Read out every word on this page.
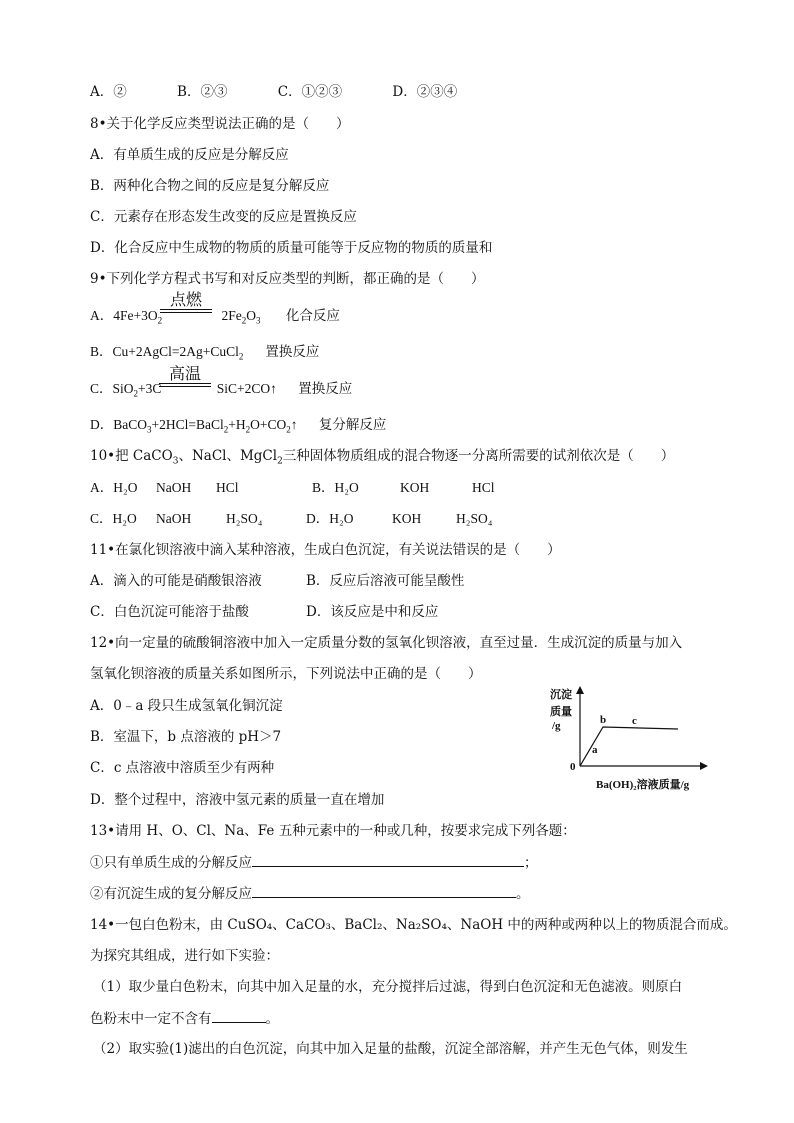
A．②	B．②③	C．①②③	D．②③④
8•关于化学反应类型说法正确的是（　　）
A．有单质生成的反应是分解反应
B．两种化合物之间的反应是复分解反应
C．元素存在形态发生改变的反应是置换反应
D．化合反应中生成物的物质的质量可能等于反应物的物质的质量和
9•下列化学方程式书写和对反应类型的判断，都正确的是（　　）
A．$4Fe+3O_2$	$2Fe_2O_3$ 化合反应
点燃
B．Cu+2AgCl=2Ag+CuCl$_2$ 置换反应
C．SiO$_2$+3C	SiC+2CO↑ 置换反应
高温
D．$BaCO_3+2HCl=BaCl_2+H_2O+CO_2↑$ 复分解反应
10•把 CaCO$_3$、NaCl、MgCl$_2$三种固体物质组成的混合物逐一分离所需要的试剂依次是（　　）
A．H₂O NaOH HCl	B．H₂O	KOH	HCl
C．H₂O NaOH	H₂SO₄	D．H₂O	KOH	H₂SO₄
11•在氯化钡溶液中滴入某种溶液，生成白色沉淀，有关说法错误的是（　　）
A．滴入的可能是硝酸银溶液	B．反应后溶液可能呈酸性
C．白色沉淀可能溶于盐酸	D．该反应是中和反应
12•向一定量的硫酸铜溶液中加入一定质量分数的氢氧化钡溶液，直至过量．生成沉淀的质量与加入
氢氧化钡溶液的质量关系如图所示，下列说法中正确的是（　　）
A．0﹣a 段只生成氢氧化铜沉淀
B．室温下，b 点溶液的 pH＞7
C．c 点溶液中溶质至少有两种
D．整个过程中，溶液中氢元素的质量一直在增加
沉淀
质量
/g
0
a
b c
Ba(OH)₂溶液质量/g
13•请用 H、O、Cl、Na、Fe 五种元素中的一种或几种，按要求完成下列各题：
①只有单质生成的分解反应	；
②有沉淀生成的复分解反应	。
14•一包白色粉末，由 CuSO₄、CaCO₃、BaCl₂、Na₂SO₄、NaOH 中的两种或两种以上的物质混合而成。
为探究其组成，进行如下实验：
（1）取少量白色粉末，向其中加入足量的水，充分搅拌后过滤，得到白色沉淀和无色滤液。则原白
色粉末中一定不含有	。
（2）取实验(1)滤出的白色沉淀，向其中加入足量的盐酸，沉淀全部溶解，并产生无色气体，则发生
